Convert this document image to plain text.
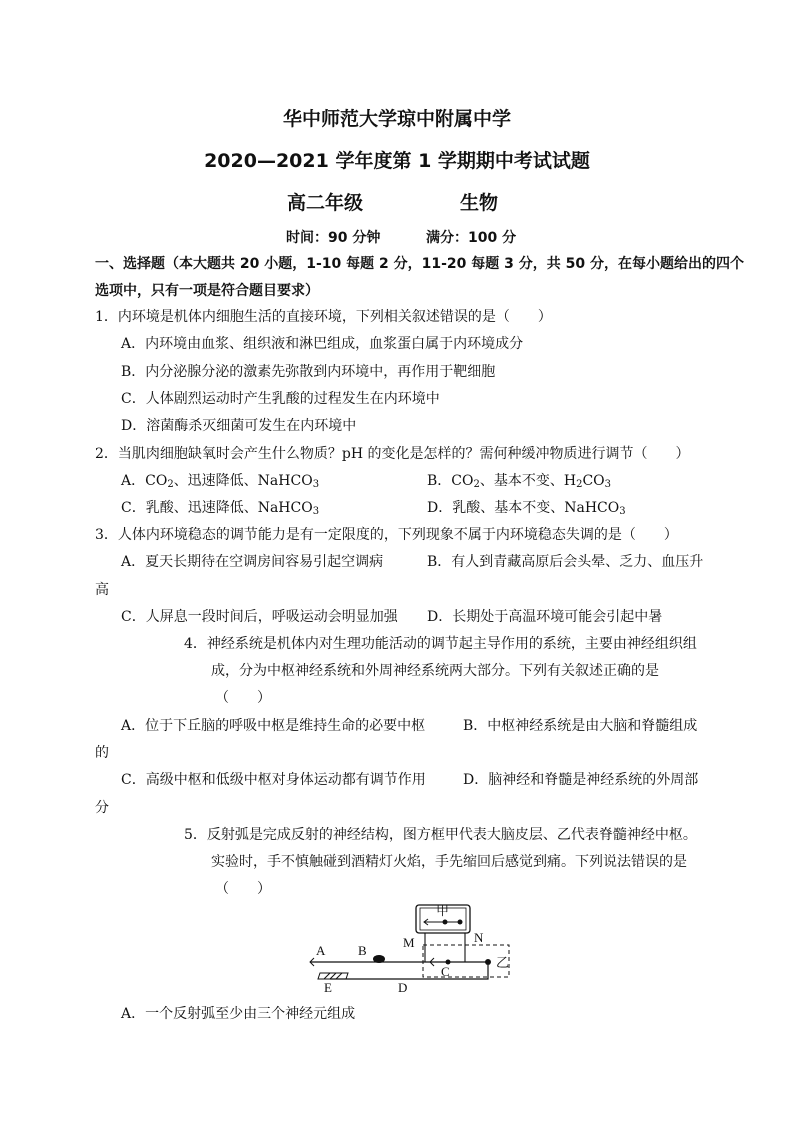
华中师范大学琼中附属中学
2020—2021 学年度第 1 学期期中考试试题
高二年级	生物
时间：90 分钟	满分：100 分
一、选择题（本大题共 20 小题，1-10 每题 2 分，11-20 每题 3 分，共 50 分，在每小题给出的四个
选项中，只有一项是符合题目要求）
1．内环境是机体内细胞生活的直接环境，下列相关叙述错误的是（　　）
A．内环境由血浆、组织液和淋巴组成，血浆蛋白属于内环境成分
B．内分泌腺分泌的激素先弥散到内环境中，再作用于靶细胞
C．人体剧烈运动时产生乳酸的过程发生在内环境中
D．溶菌酶杀灭细菌可发生在内环境中
2．当肌肉细胞缺氧时会产生什么物质？pH 的变化是怎样的？需何种缓冲物质进行调节（　　）
A．$CO_2$、迅速降低、NaHCO$_3$	B．$CO_2$、基本不变、$H_2CO_3$
C．乳酸、迅速降低、NaHCO$_3$	D．乳酸、基本不变、NaHCO$_3$
3．人体内环境稳态的调节能力是有一定限度的，下列现象不属于内环境稳态失调的是（　　）
A．夏天长期待在空调房间容易引起空调病	B．有人到青藏高原后会头晕、乏力、血压升
高
C．人屏息一段时间后，呼吸运动会明显加强 D．长期处于高温环境可能会引起中暑
4．神经系统是机体内对生理功能活动的调节起主导作用的系统，主要由神经组织组
成，分为中枢神经系统和外周神经系统两大部分。下列有关叙述正确的是
（　　）
A．位于下丘脑的呼吸中枢是维持生命的必要中枢	B．中枢神经系统是由大脑和脊髓组成
的
C．高级中枢和低级中枢对身体运动都有调节作用	D．脑神经和脊髓是神经系统的外周部
分
5．反射弧是完成反射的神经结构，图方框甲代表大脑皮层、乙代表脊髓神经中枢。
实验时，手不慎触碰到酒精灯火焰，手先缩回后感觉到痛。下列说法错误的是
（　　）
甲
乙
M	N
A	B
C
D
E
A．一个反射弧至少由三个神经元组成
